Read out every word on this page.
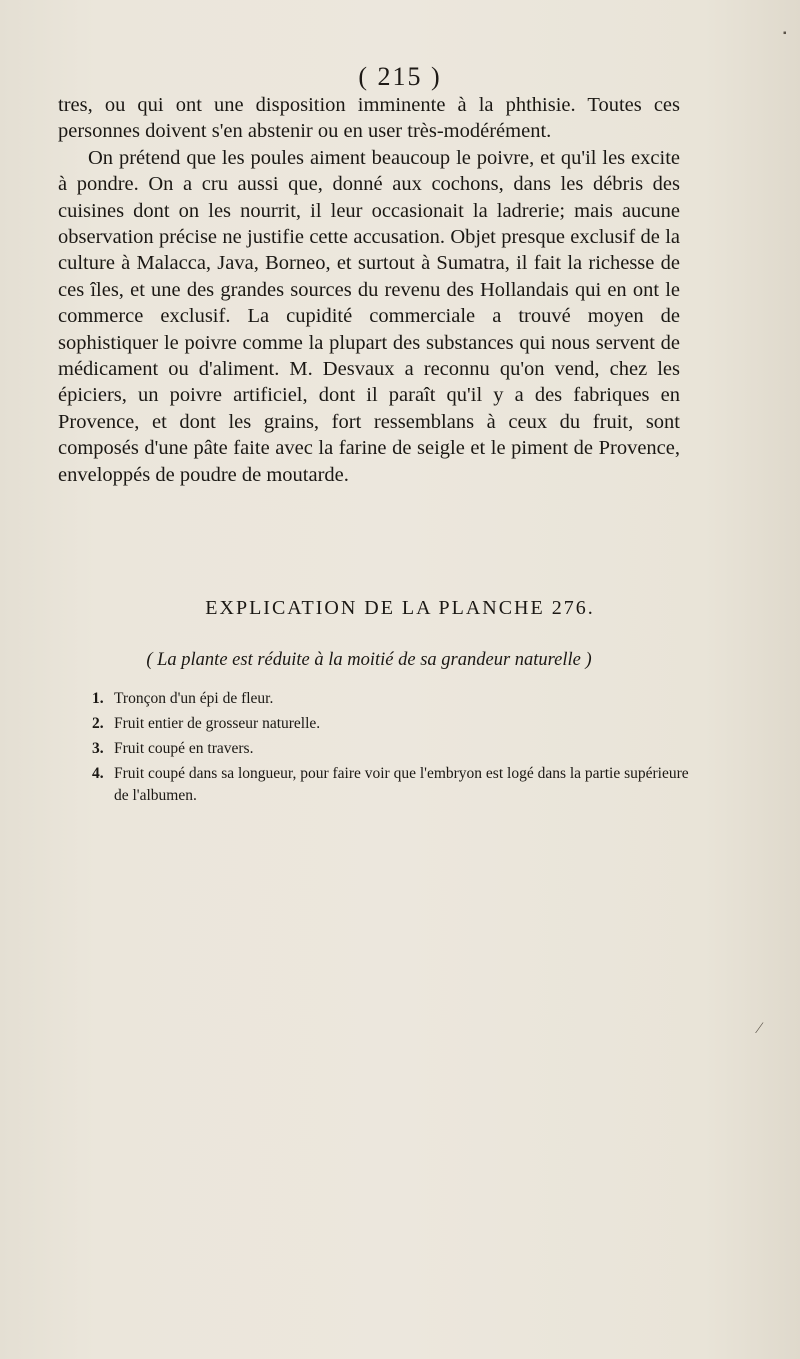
( 215 )

tres, ou qui ont une disposition imminente à la phthisie. Toutes ces personnes doivent s'en abstenir ou en user très-modérément.

On prétend que les poules aiment beaucoup le poivre, et qu'il les excite à pondre. On a cru aussi que, donné aux cochons, dans les débris des cuisines dont on les nourrit, il leur occasionait la ladrerie; mais aucune observation précise ne justifie cette accusation. Objet presque exclusif de la culture à Malacca, Java, Borneo, et surtout à Sumatra, il fait la richesse de ces îles, et une des grandes sources du revenu des Hollandais qui en ont le commerce exclusif. La cupidité commerciale a trouvé moyen de sophistiquer le poivre comme la plupart des substances qui nous servent de médicament ou d'aliment. M. Desvaux a reconnu qu'on vend, chez les épiciers, un poivre artificiel, dont il paraît qu'il y a des fabriques en Provence, et dont les grains, fort ressemblans à ceux du fruit, sont composés d'une pâte faite avec la farine de seigle et le piment de Provence, enveloppés de poudre de moutarde.

EXPLICATION DE LA PLANCHE 276.
( La plante est réduite à la moitié de sa grandeur naturelle )
1. Tronçon d'un épi de fleur.
2. Fruit entier de grosseur naturelle.
3. Fruit coupé en travers.
4. Fruit coupé dans sa longueur, pour faire voir que l'embryon est logé dans la partie supérieure de l'albumen.
▪
⁄
